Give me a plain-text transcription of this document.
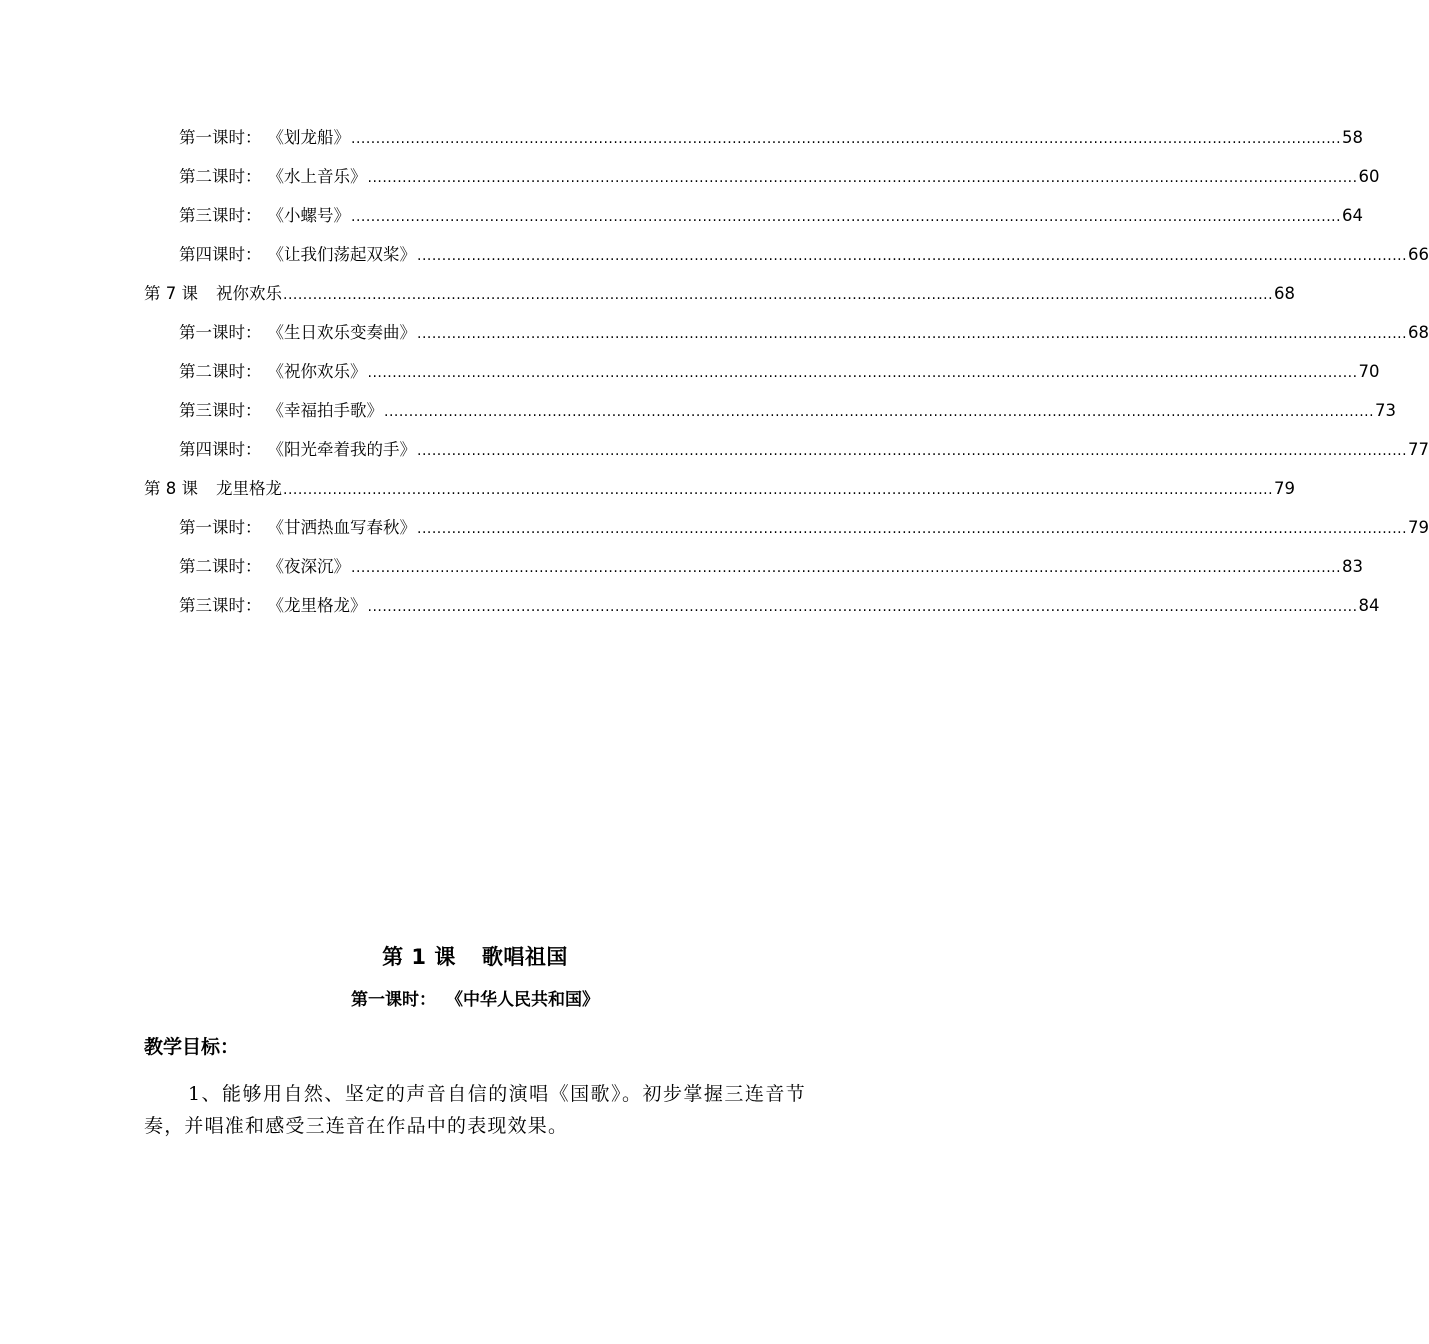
第一课时： 《划龙船》 ........................................................................................................................................................................................................ 58
第二课时： 《水上音乐》 ........................................................................................................................................................................................................ 60
第三课时： 《小螺号》 ........................................................................................................................................................................................................ 64
第四课时： 《让我们荡起双桨》 ........................................................................................................................................................................................................ 66
第 7 课 祝你欢乐 ........................................................................................................................................................................................................ 68
第一课时： 《生日欢乐变奏曲》 ........................................................................................................................................................................................................ 68
第二课时： 《祝你欢乐》 ........................................................................................................................................................................................................ 70
第三课时： 《幸福拍手歌》 ........................................................................................................................................................................................................ 73
第四课时： 《阳光牵着我的手》 ........................................................................................................................................................................................................ 77
第 8 课 龙里格龙 ........................................................................................................................................................................................................ 79
第一课时： 《甘洒热血写春秋》 ........................................................................................................................................................................................................ 79
第二课时： 《夜深沉》 ........................................................................................................................................................................................................ 83
第三课时： 《龙里格龙》 ........................................................................................................................................................................................................ 84
第 1 课 歌唱祖国
第一课时： 《中华人民共和国》
教学目标：
1、能够用自然、坚定的声音自信的演唱《国歌》。初步掌握三连音节奏，并唱准和感受三连音在作品中的表现效果。
